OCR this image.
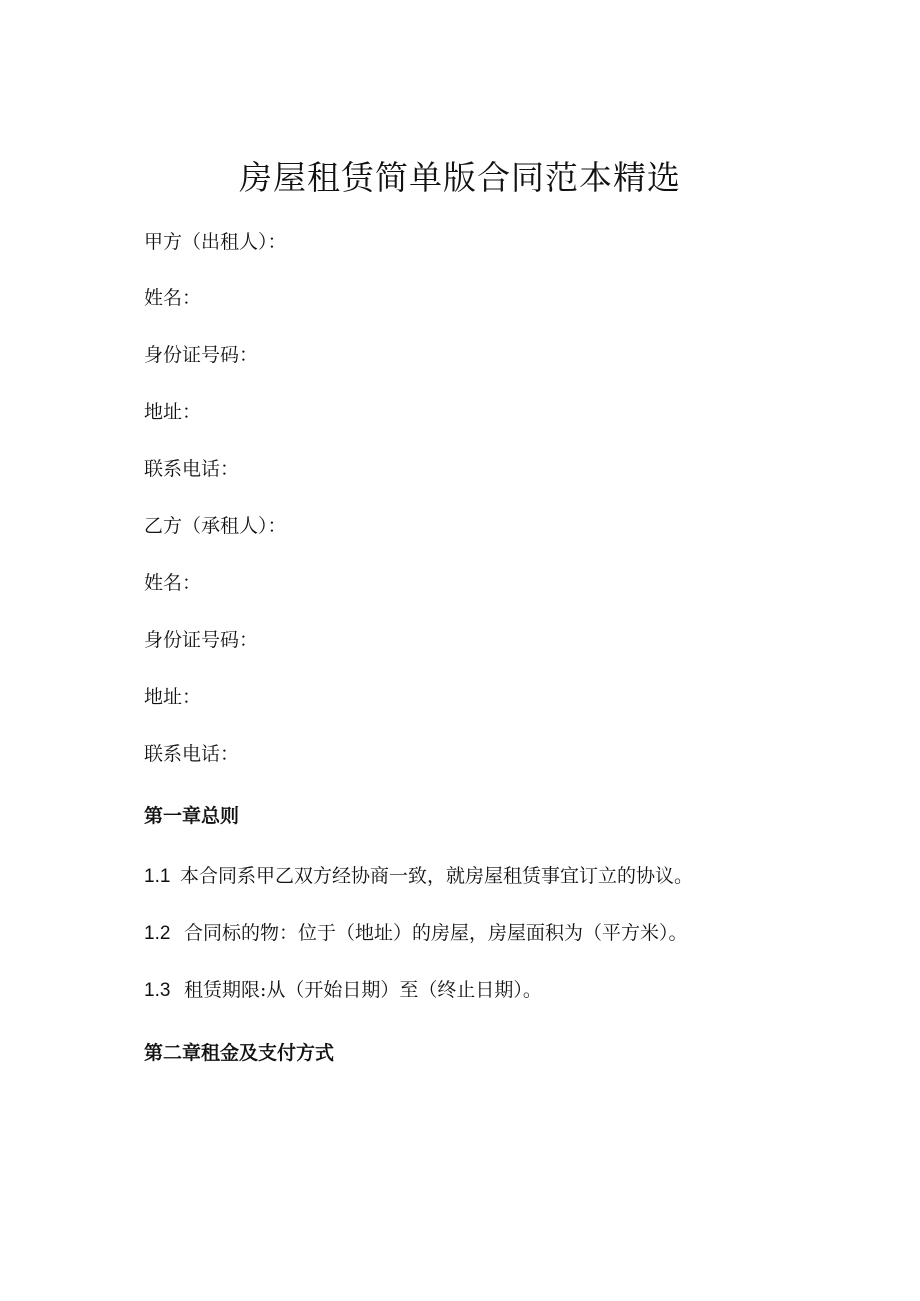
房屋租赁简单版合同范本精选
甲方（出租人）：
姓名：
身份证号码：
地址：
联系电话：
乙方（承租人）：
姓名：
身份证号码：
地址：
联系电话：
第一章总则
1.1 本合同系甲乙双方经协商一致，就房屋租赁事宜订立的协议。
1.2 合同标的物：位于（地址）的房屋，房屋面积为（平方米）。
1.3 租赁期限:从（开始日期）至（终止日期）。
第二章租金及支付方式
